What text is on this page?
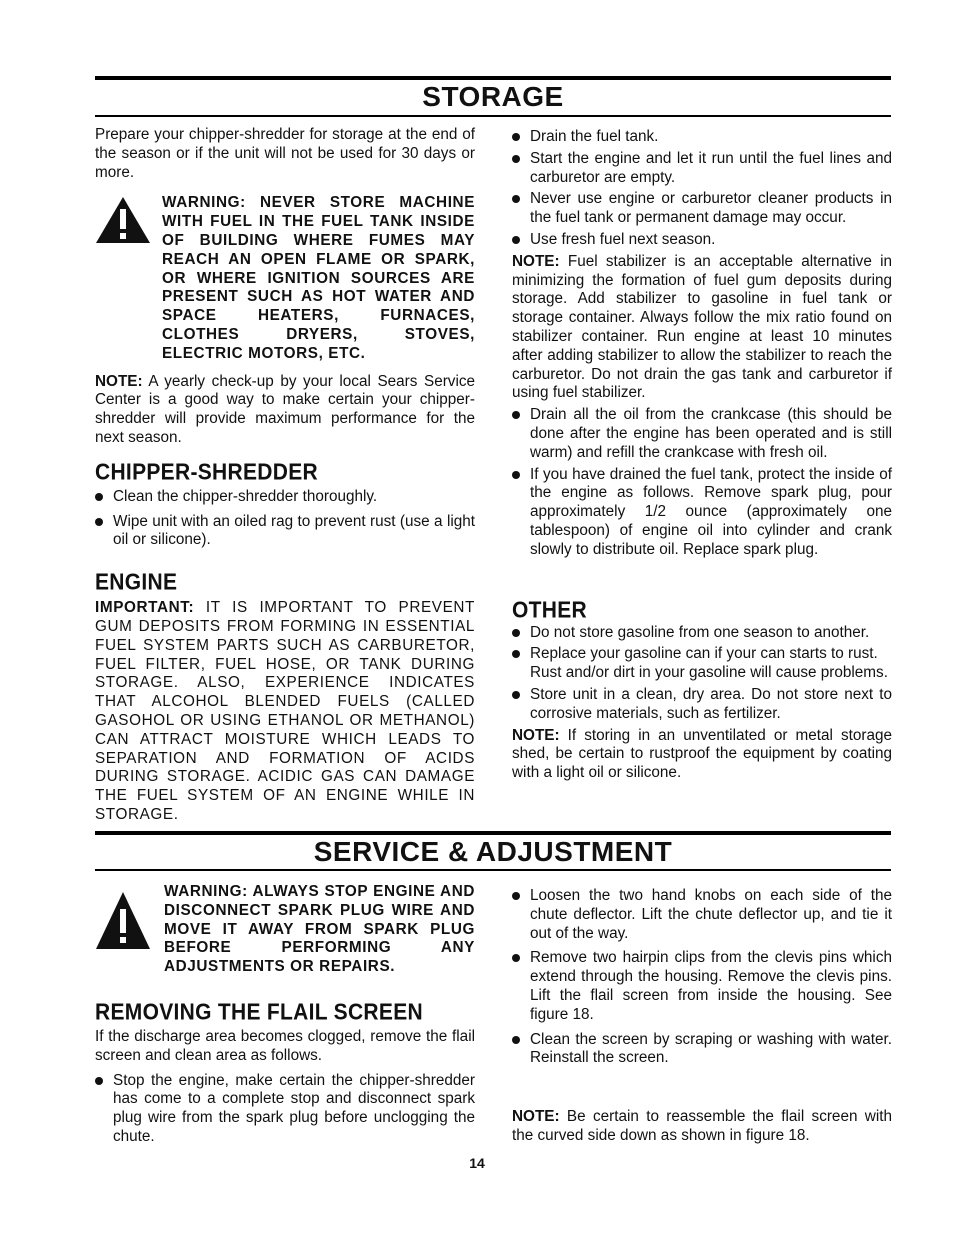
STORAGE

Prepare your chipper-shredder for storage at the end of the season or if the unit will not be used for 30 days or more.

WARNING: NEVER STORE MACHINE WITH FUEL IN THE FUEL TANK INSIDE OF BUILDING WHERE FUMES MAY REACH AN OPEN FLAME OR SPARK, OR WHERE IGNITION SOURCES ARE PRESENT SUCH AS HOT WATER AND SPACE HEATERS, FURNACES, CLOTHES DRYERS, STOVES, ELECTRIC MOTORS, ETC.

NOTE: A yearly check-up by your local Sears Service Center is a good way to make certain your chipper-shredder will provide maximum performance for the next season.

CHIPPER-SHREDDER
Clean the chipper-shredder thoroughly.
Wipe unit with an oiled rag to prevent rust (use a light oil or silicone).
ENGINE

IMPORTANT: IT IS IMPORTANT TO PREVENT GUM DEPOSITS FROM FORMING IN ESSENTIAL FUEL SYSTEM PARTS SUCH AS CARBURETOR, FUEL FILTER, FUEL HOSE, OR TANK DURING STORAGE. ALSO, EXPERIENCE INDICATES THAT ALCOHOL BLENDED FUELS (CALLED GASOHOL OR USING ETHANOL OR METHANOL) CAN ATTRACT MOISTURE WHICH LEADS TO SEPARATION AND FORMATION OF ACIDS DURING STORAGE. ACIDIC GAS CAN DAMAGE THE FUEL SYSTEM OF AN ENGINE WHILE IN STORAGE.

Drain the fuel tank.
Start the engine and let it run until the fuel lines and carburetor are empty.
Never use engine or carburetor cleaner products in the fuel tank or permanent damage may occur.
Use fresh fuel next season.

NOTE: Fuel stabilizer is an acceptable alternative in minimizing the formation of fuel gum deposits during storage. Add stabilizer to gasoline in fuel tank or storage container. Always follow the mix ratio found on stabilizer container. Run engine at least 10 minutes after adding stabilizer to allow the stabilizer to reach the carburetor. Do not drain the gas tank and carburetor if using fuel stabilizer.

Drain all the oil from the crankcase (this should be done after the engine has been operated and is still warm) and refill the crankcase with fresh oil.
If you have drained the fuel tank, protect the inside of the engine as follows. Remove spark plug, pour approximately 1/2 ounce (approximately one tablespoon) of engine oil into cylinder and crank slowly to distribute oil. Replace spark plug.
OTHER
Do not store gasoline from one season to another.
Replace your gasoline can if your can starts to rust. Rust and/or dirt in your gasoline will cause problems.
Store unit in a clean, dry area. Do not store next to corrosive materials, such as fertilizer.

NOTE: If storing in an unventilated or metal storage shed, be certain to rustproof the equipment by coating with a light oil or silicone.

SERVICE & ADJUSTMENT

WARNING: ALWAYS STOP ENGINE AND DISCONNECT SPARK PLUG WIRE AND MOVE IT AWAY FROM SPARK PLUG BEFORE PERFORMING ANY ADJUSTMENTS OR REPAIRS.

REMOVING THE FLAIL SCREEN

If the discharge area becomes clogged, remove the flail screen and clean area as follows.

Stop the engine, make certain the chipper-shredder has come to a complete stop and disconnect spark plug wire from the spark plug before unclogging the chute.
Loosen the two hand knobs on each side of the chute deflector. Lift the chute deflector up, and tie it out of the way.
Remove two hairpin clips from the clevis pins which extend through the housing. Remove the clevis pins. Lift the flail screen from inside the housing. See figure 18.
Clean the screen by scraping or washing with water. Reinstall the screen.

NOTE: Be certain to reassemble the flail screen with the curved side down as shown in figure 18.

14
